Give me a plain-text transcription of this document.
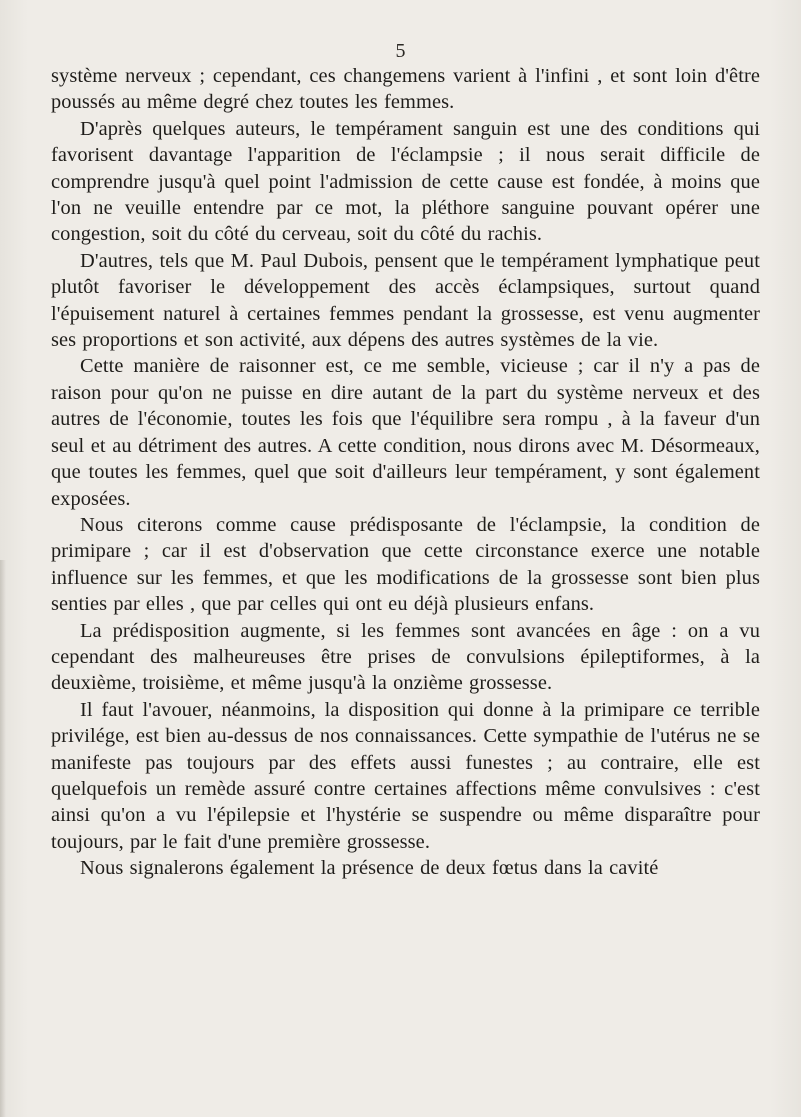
5

système nerveux ; cependant, ces changemens varient à l'infini , et sont loin d'être poussés au même degré chez toutes les femmes.

D'après quelques auteurs, le tempérament sanguin est une des conditions qui favorisent davantage l'apparition de l'éclampsie ; il nous serait difficile de comprendre jusqu'à quel point l'admission de cette cause est fondée, à moins que l'on ne veuille entendre par ce mot, la pléthore sanguine pouvant opérer une congestion, soit du côté du cerveau, soit du côté du rachis.

D'autres, tels que M. Paul Dubois, pensent que le tempérament lymphatique peut plutôt favoriser le développement des accès éclampsiques, surtout quand l'épuisement naturel à certaines femmes pendant la grossesse, est venu augmenter ses proportions et son activité, aux dépens des autres systèmes de la vie.

Cette manière de raisonner est, ce me semble, vicieuse ; car il n'y a pas de raison pour qu'on ne puisse en dire autant de la part du système nerveux et des autres de l'économie, toutes les fois que l'équilibre sera rompu , à la faveur d'un seul et au détriment des autres. A cette condition, nous dirons avec M. Désormeaux, que toutes les femmes, quel que soit d'ailleurs leur tempérament, y sont également exposées.

Nous citerons comme cause prédisposante de l'éclampsie, la condition de primipare ; car il est d'observation que cette circonstance exerce une notable influence sur les femmes, et que les modifications de la grossesse sont bien plus senties par elles , que par celles qui ont eu déjà plusieurs enfans.

La prédisposition augmente, si les femmes sont avancées en âge : on a vu cependant des malheureuses être prises de convulsions épileptiformes, à la deuxième, troisième, et même jusqu'à la onzième grossesse.

Il faut l'avouer, néanmoins, la disposition qui donne à la primipare ce terrible privilége, est bien au-dessus de nos connaissances. Cette sympathie de l'utérus ne se manifeste pas toujours par des effets aussi funestes ; au contraire, elle est quelquefois un remède assuré contre certaines affections même convulsives : c'est ainsi qu'on a vu l'épilepsie et l'hystérie se suspendre ou même disparaître pour toujours, par le fait d'une première grossesse.

Nous signalerons également la présence de deux fœtus dans la cavité
